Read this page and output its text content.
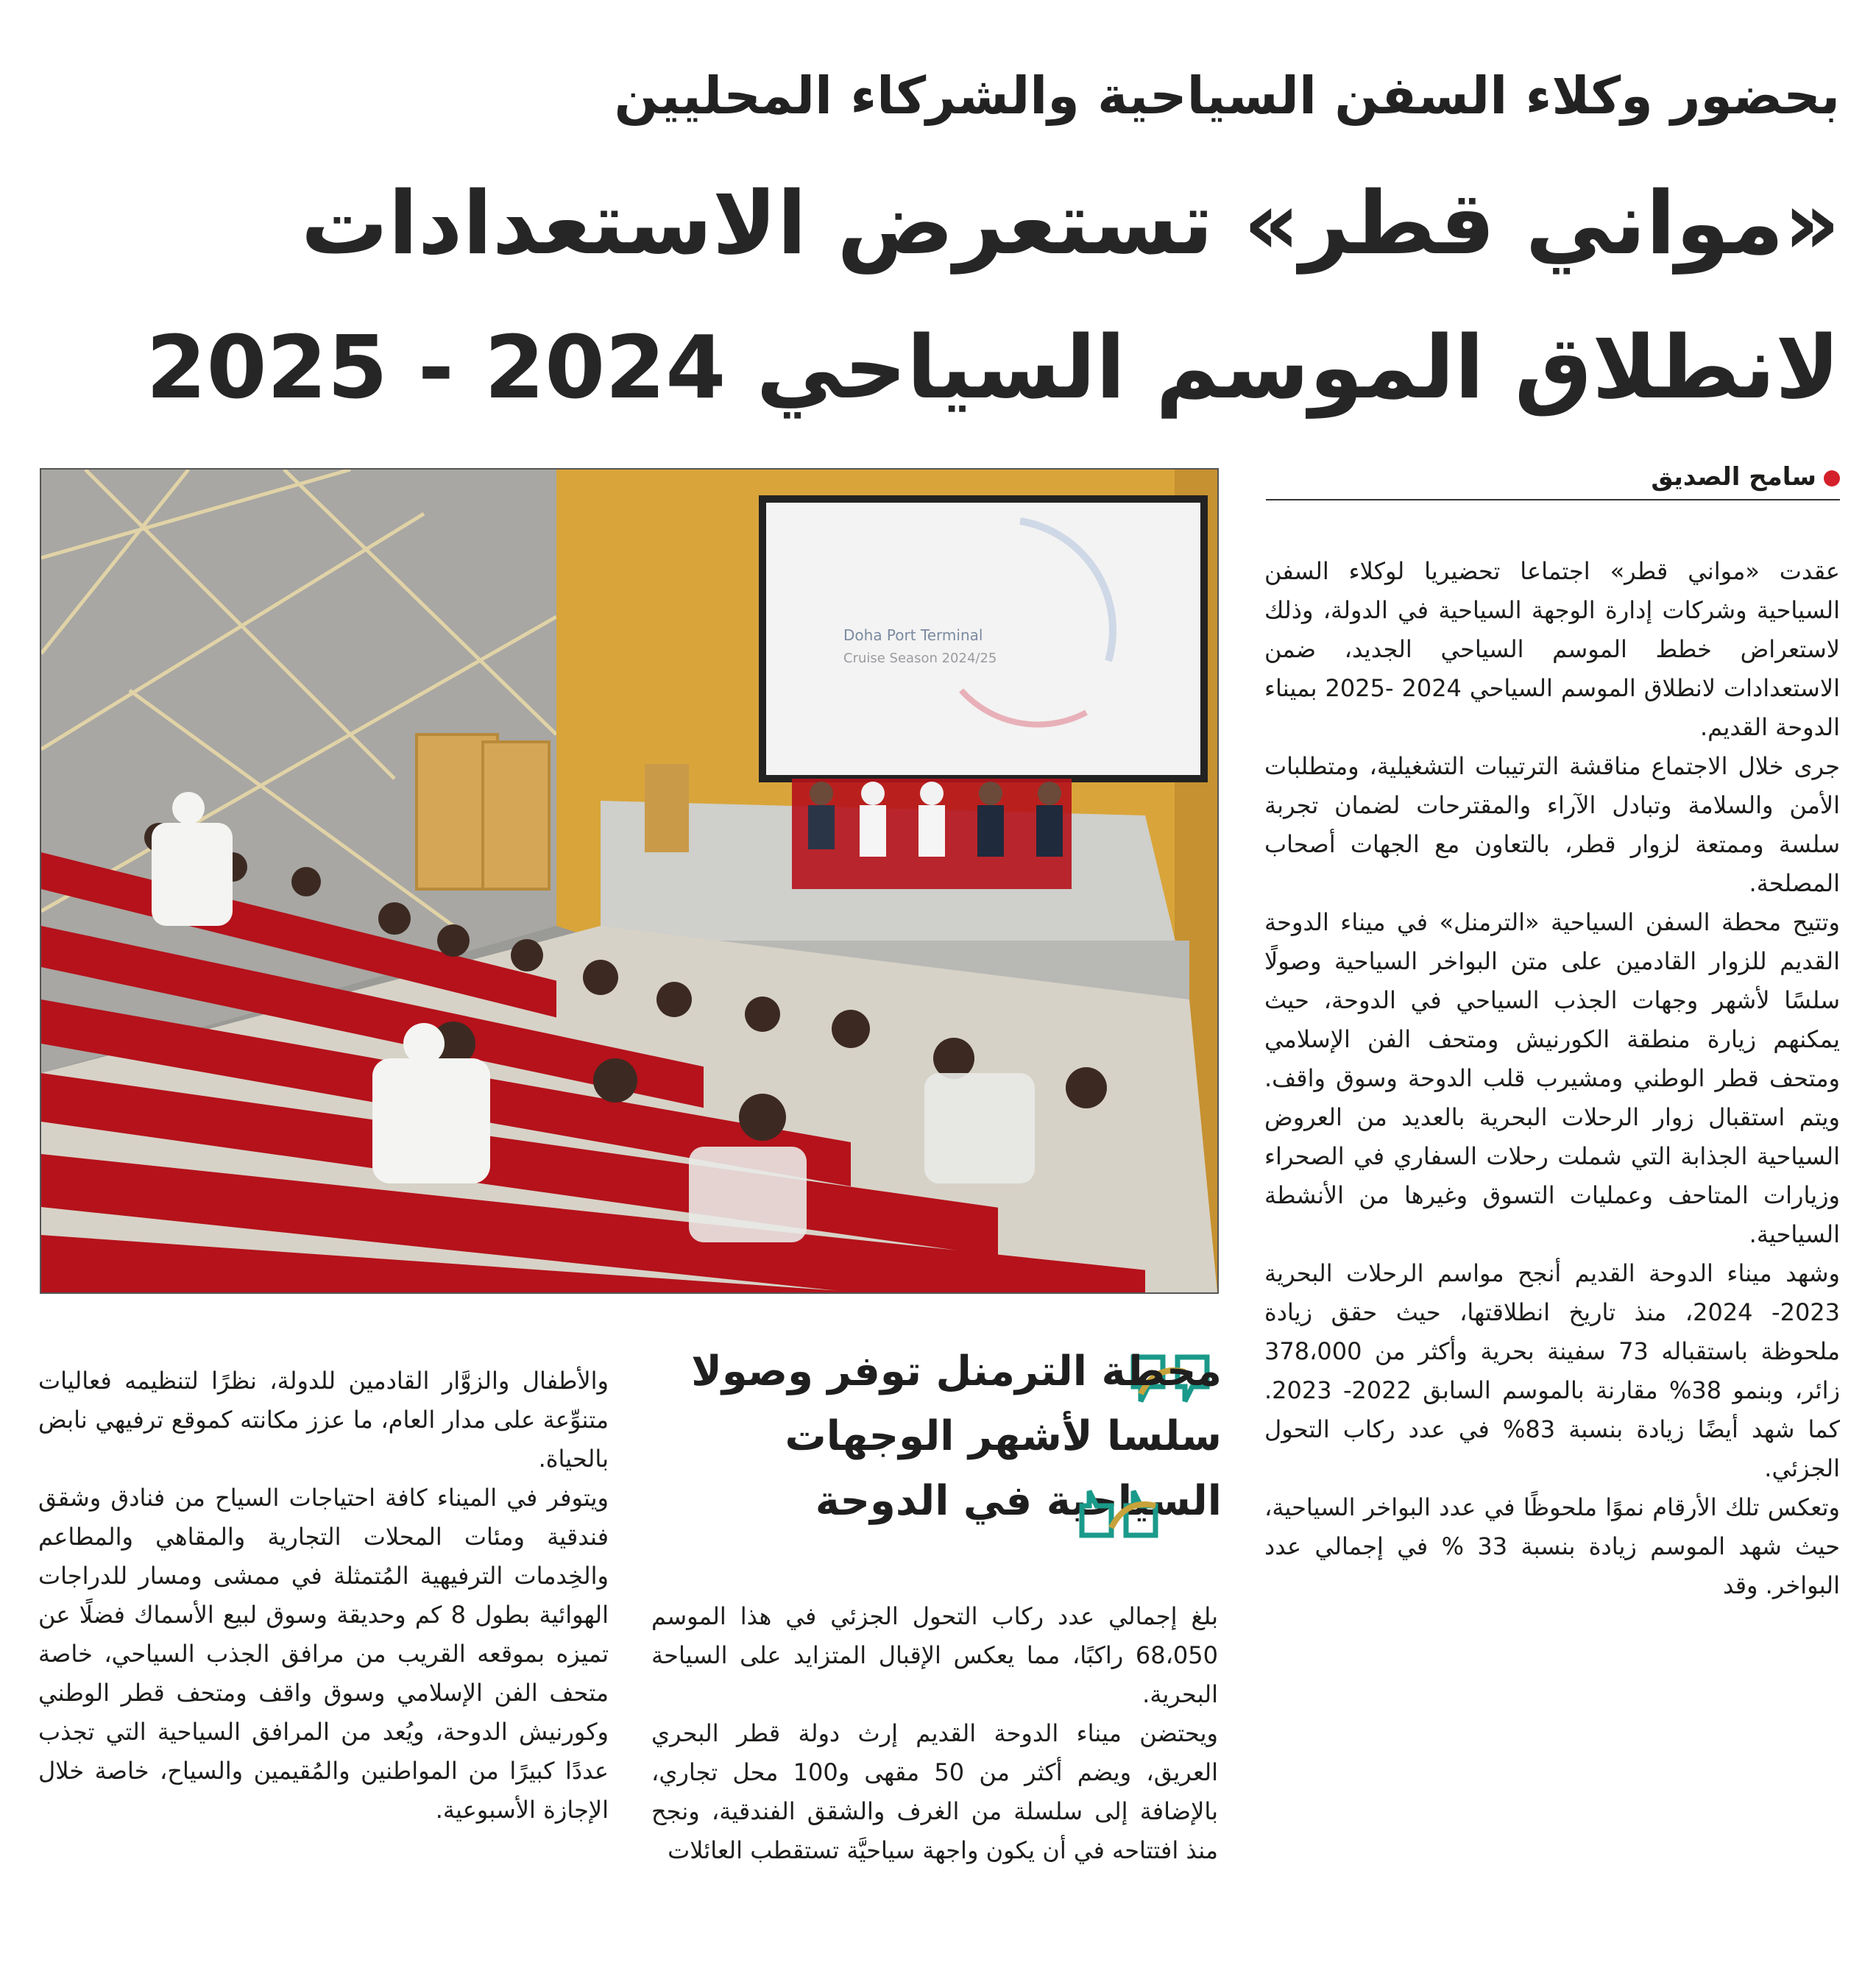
بحضور وكلاء السفن السياحية والشركاء المحليين
«مواني قطر» تستعرض الاستعدادات
لانطلاق الموسم السياحي 2024 - 2025
سامح الصديق
Doha Port Terminal
Cruise Season 2024/25
محطة الترمنل توفر وصولا سلسا لأشهر الوجهات السياحية في الدوحة

عقدت «مواني قطر» اجتماعا تحضيريا لوكلاء السفن السياحية وشركات إدارة الوجهة السياحية في الدولة، وذلك لاستعراض خطط الموسم السياحي الجديد، ضمن الاستعدادات لانطلاق الموسم السياحي 2024 -2025 بميناء الدوحة القديم.

جرى خلال الاجتماع مناقشة الترتيبات التشغيلية، ومتطلبات الأمن والسلامة وتبادل الآراء والمقترحات لضمان تجربة سلسة وممتعة لزوار قطر، بالتعاون مع الجهات أصحاب المصلحة.

وتتيح محطة السفن السياحية «الترمنل» في ميناء الدوحة القديم للزوار القادمين على متن البواخر السياحية وصولًا سلسًا لأشهر وجهات الجذب السياحي في الدوحة، حيث يمكنهم زيارة منطقة الكورنيش ومتحف الفن الإسلامي ومتحف قطر الوطني ومشيرب قلب الدوحة وسوق واقف. ويتم استقبال زوار الرحلات البحرية بالعديد من العروض السياحية الجذابة التي شملت رحلات السفاري في الصحراء وزيارات المتاحف وعمليات التسوق وغيرها من الأنشطة السياحية.

وشهد ميناء الدوحة القديم أنجح مواسم الرحلات البحرية 2023- 2024، منذ تاريخ انطلاقتها، حيث حقق زيادة ملحوظة باستقباله 73 سفينة بحرية وأكثر من 378،000 زائر، وبنمو 38% مقارنة بالموسم السابق 2022- 2023. كما شهد أيضًا زيادة بنسبة 83% في عدد ركاب التحول الجزئي.

وتعكس تلك الأرقام نموًا ملحوظًا في عدد البواخر السياحية، حيث شهد الموسم زيادة بنسبة 33 % في إجمالي عدد البواخر. وقد

بلغ إجمالي عدد ركاب التحول الجزئي في هذا الموسم 68،050 راكبًا، مما يعكس الإقبال المتزايد على السياحة البحرية.

ويحتضن ميناء الدوحة القديم إرث دولة قطر البحري العريق، ويضم أكثر من 50 مقهى و100 محل تجاري، بالإضافة إلى سلسلة من الغرف والشقق الفندقية، ونجح منذ افتتاحه في أن يكون واجهة سياحيَّة تستقطب العائلات

والأطفال والزوَّار القادمين للدولة، نظرًا لتنظيمه فعاليات متنوِّعة على مدار العام، ما عزز مكانته كموقع ترفيهي نابض بالحياة.

ويتوفر في الميناء كافة احتياجات السياح من فنادق وشقق فندقية ومئات المحلات التجارية والمقاهي والمطاعم والخِدمات الترفيهية المُتمثلة في ممشى ومسار للدراجات الهوائية بطول 8 كم وحديقة وسوق لبيع الأسماك فضلًا عن تميزه بموقعه القريب من مرافق الجذب السياحي، خاصة متحف الفن الإسلامي وسوق واقف ومتحف قطر الوطني وكورنيش الدوحة، ويُعد من المرافق السياحية التي تجذب عددًا كبيرًا من المواطنين والمُقيمين والسياح، خاصة خلال الإجازة الأسبوعية.
